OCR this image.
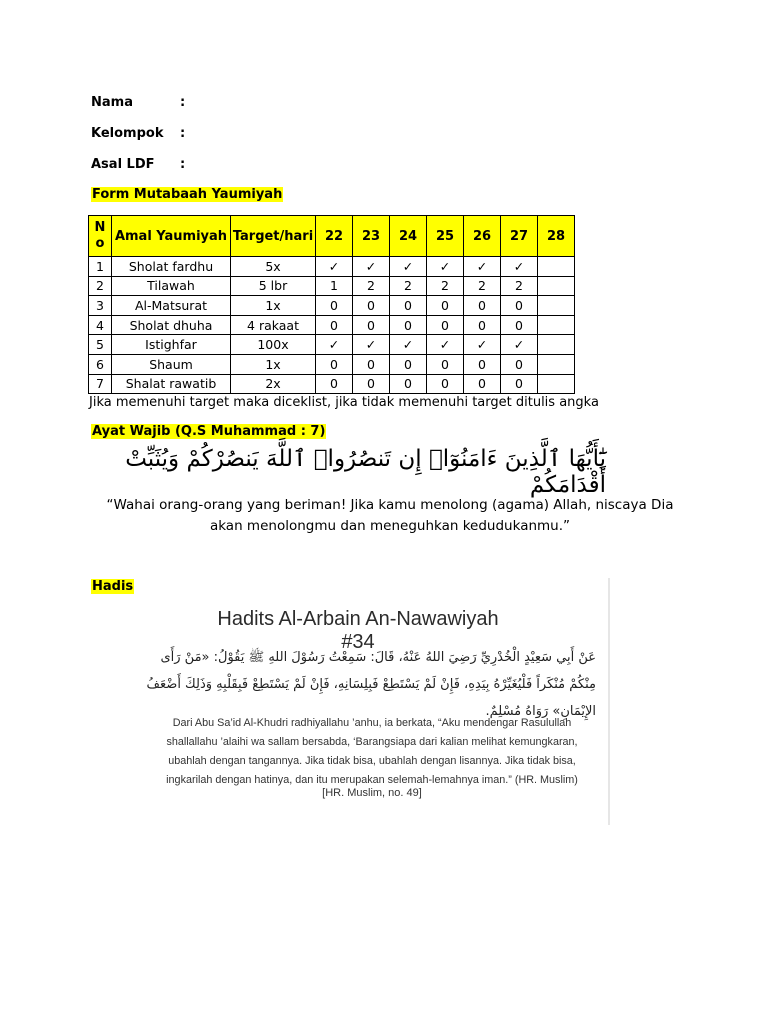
Nama	:
Kelompok :
Asal LDF :
Form Mutabaah Yaumiyah
N
o	Amal Yaumiyah	Target/hari	22	23	24	25	26	27	28
1	Sholat fardhu	5x	✓	✓	✓	✓	✓	✓	
2	Tilawah	5 lbr	1	2	2	2	2	2	
3	Al-Matsurat	1x	0	0	0	0	0	0	
4	Sholat dhuha	4 rakaat	0	0	0	0	0	0	
5	Istighfar	100x	✓	✓	✓	✓	✓	✓	
6	Shaum	1x	0	0	0	0	0	0	
7	Shalat rawatib	2x	0	0	0	0	0	0	
Jika memenuhi target maka diceklist, jika tidak memenuhi target ditulis angka
Ayat Wajib (Q.S Muhammad : 7)
يَٰٓأَيُّهَا ٱلَّذِينَ ءَامَنُوٓا۟ إِن تَنصُرُوا۟ ٱللَّهَ يَنصُرْكُمْ وَيُثَبِّتْ أَقْدَامَكُمْ
“Wahai orang-orang yang beriman! Jika kamu menolong (agama) Allah, niscaya Dia akan menolongmu dan meneguhkan kedudukanmu.”
Hadis
Hadits Al-Arbain An-Nawawiyah #34
عَنْ أَبِي سَعِيْدٍ الْخُدْرِيِّ رَضِيَ اللهُ عَنْهُ، قَالَ: سَمِعْتُ رَسُوْلَ اللهِ ﷺ يَقُوْلُ: «مَنْ رَأَى مِنْكُمْ مُنْكَراً فَلْيُغَيِّرْهُ بِيَدِهِ، فَإِنْ لَمْ يَسْتَطِعْ فَبِلِسَانِهِ، فَإِنْ لَمْ يَسْتَطِعْ فَبِقَلْبِهِ وَذَلِكَ أَضْعَفُ الإِيْمَانِ» رَوَاهُ مُسْلِمٌ.
Dari Abu Sa’id Al-Khudri radhiyallahu ’anhu, ia berkata, “Aku mendengar Rasulullah shallallahu ’alaihi wa sallam bersabda, ‘Barangsiapa dari kalian melihat kemungkaran, ubahlah dengan tangannya. Jika tidak bisa, ubahlah dengan lisannya. Jika tidak bisa, ingkarilah dengan hatinya, dan itu merupakan selemah-lemahnya iman.” (HR. Muslim)
[HR. Muslim, no. 49]
